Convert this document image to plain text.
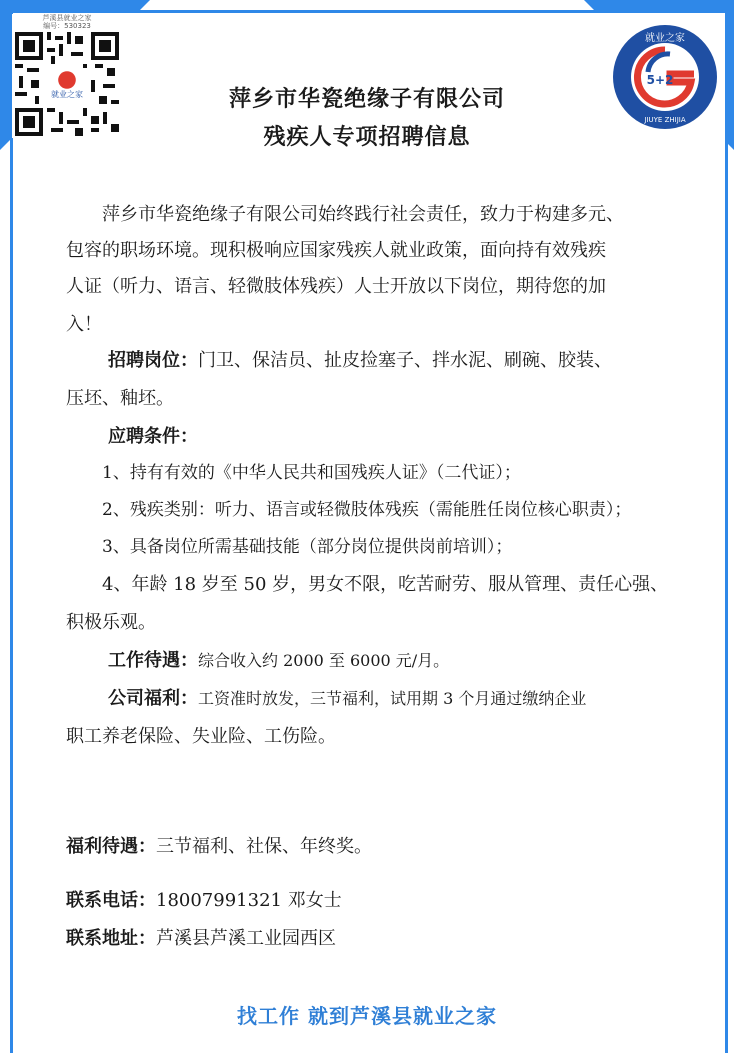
芦溪县就业之家
编号：530323
就业之家
5+2
就业之家
JIUYE ZHIJIA
萍乡市华瓷绝缘子有限公司
残疾人专项招聘信息
萍乡市华瓷绝缘子有限公司始终践行社会责任，致力于构建多元、
包容的职场环境。现积极响应国家残疾人就业政策，面向持有效残疾
人证（听力、语言、轻微肢体残疾）人士开放以下岗位，期待您的加
入！
招聘岗位：门卫、保洁员、扯皮捡塞子、拌水泥、刷碗、胶装、
压坯、釉坯。
应聘条件：
1、持有有效的《中华人民共和国残疾人证》（二代证）；
2、残疾类别：听力、语言或轻微肢体残疾（需能胜任岗位核心职责）；
3、具备岗位所需基础技能（部分岗位提供岗前培训）；
4、年龄 18 岁至 50 岁，男女不限，吃苦耐劳、服从管理、责任心强、
积极乐观。
工作待遇：综合收入约 2000 至 6000 元/月。
公司福利：工资准时放发，三节福利，试用期 3 个月通过缴纳企业
职工养老保险、失业险、工伤险。
福利待遇：三节福利、社保、年终奖。
联系电话：18007991321 邓女士
联系地址：芦溪县芦溪工业园西区
找工作 就到芦溪县就业之家
